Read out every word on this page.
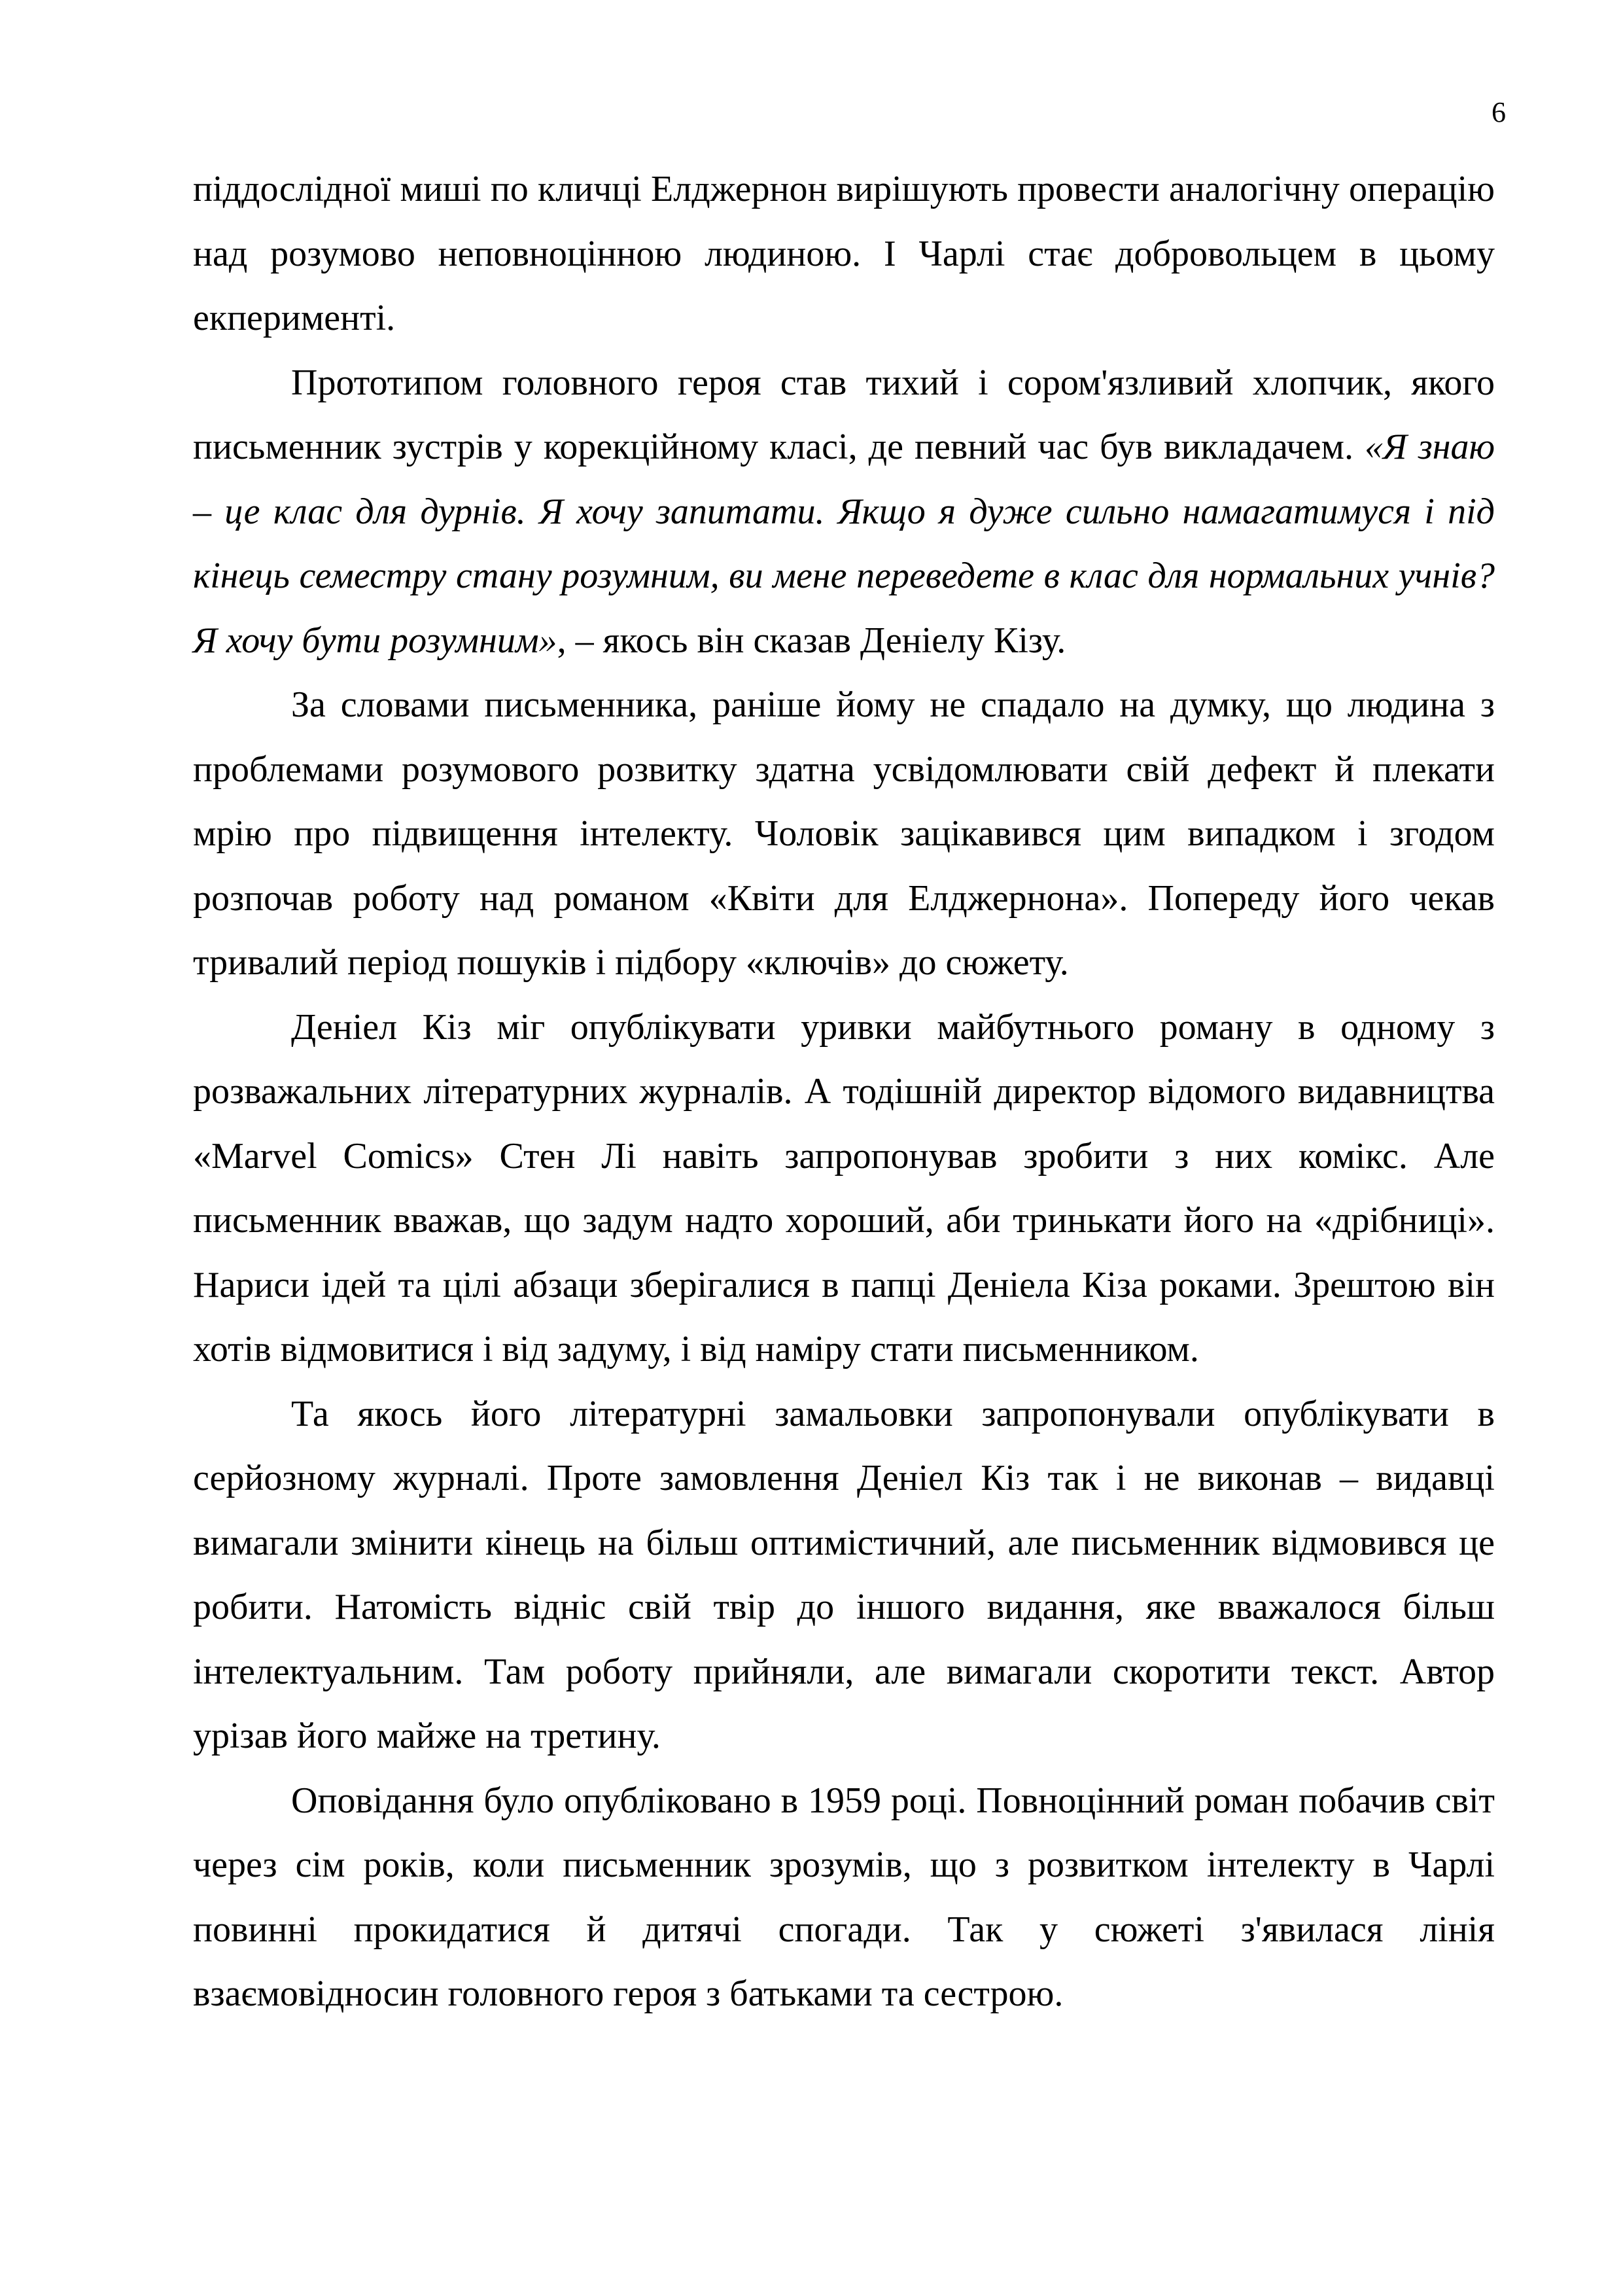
6

піддослідної миші по кличці Елджернон вирішують провести аналогічну операцію над розумово неповноцінною людиною. І Чарлі стає добровольцем в цьому екперименті.

Прототипом головного героя став тихий і сором'язливий хлопчик, якого письменник зустрів у корекційному класі, де певний час був викладачем. «Я знаю – це клас для дурнів. Я хочу запитати. Якщо я дуже сильно намагатимуся і під кінець семестру стану розумним, ви мене переведете в клас для нормальних учнів? Я хочу бути розумним», – якось він сказав Деніелу Кізу.

За словами письменника, раніше йому не спадало на думку, що людина з проблемами розумового розвитку здатна усвідомлювати свій дефект й плекати мрію про підвищення інтелекту. Чоловік зацікавився цим випадком і згодом розпочав роботу над романом «Квіти для Елджернона». Попереду його чекав тривалий період пошуків і підбору «ключів» до сюжету.

Деніел Кіз міг опублікувати уривки майбутнього роману в одному з розважальних літературних журналів. А тодішній директор відомого видавництва «Marvel Comics» Стен Лі навіть запропонував зробити з них комікс. Але письменник вважав, що задум надто хороший, аби тринькати його на «дрібниці». Нариси ідей та цілі абзаци зберігалися в папці Деніела Кіза роками. Зрештою він хотів відмовитися і від задуму, і від наміру стати письменником.

Та якось його літературні замальовки запропонували опублікувати в серйозному журналі. Проте замовлення Деніел Кіз так і не виконав – видавці вимагали змінити кінець на більш оптимістичний, але письменник відмовився це робити. Натомість відніс свій твір до іншого видання, яке вважалося більш інтелектуальним. Там роботу прийняли, але вимагали скоротити текст. Автор урізав його майже на третину.

Оповідання було опубліковано в 1959 році. Повноцінний роман побачив світ через сім років, коли письменник зрозумів, що з розвитком інтелекту в Чарлі повинні прокидатися й дитячі спогади. Так у сюжеті з'явилася лінія взаємовідносин головного героя з батьками та сестрою.
